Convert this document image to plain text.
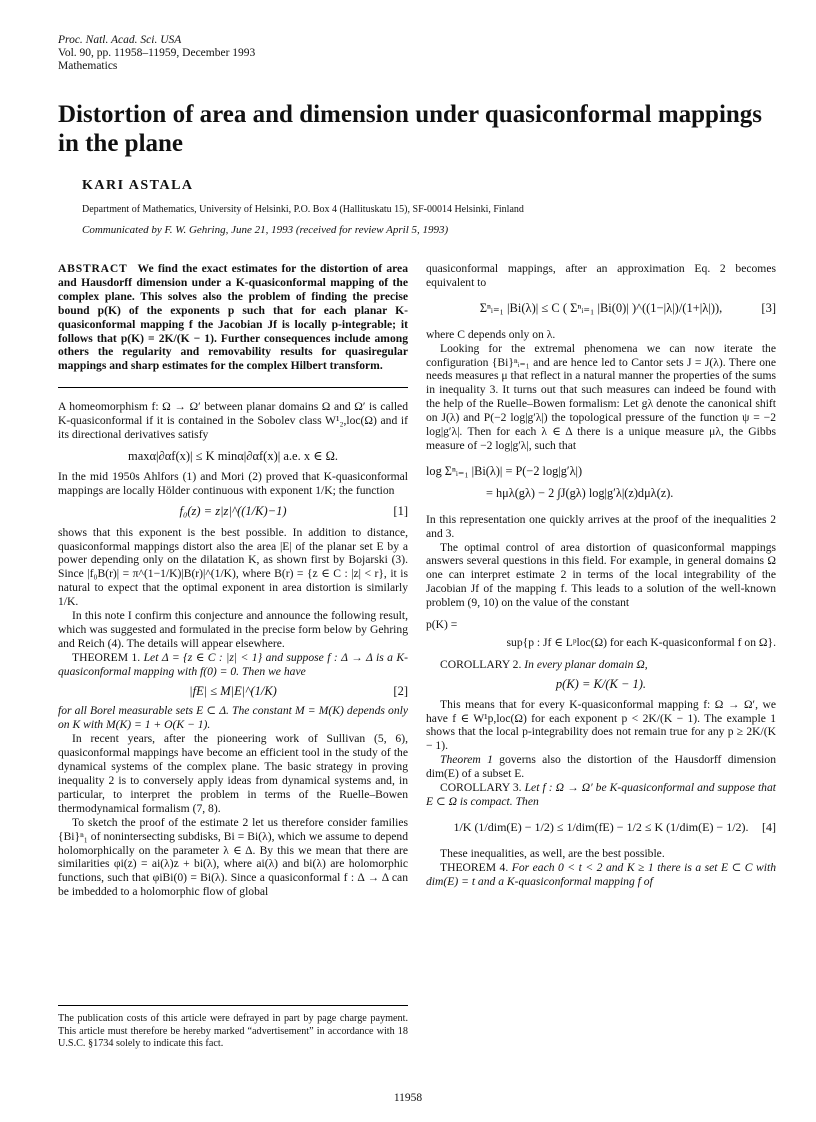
Proc. Natl. Acad. Sci. USA
Vol. 90, pp. 11958–11959, December 1993
Mathematics
Distortion of area and dimension under quasiconformal mappings in the plane
KARI ASTALA
Department of Mathematics, University of Helsinki, P.O. Box 4 (Hallituskatu 15), SF-00014 Helsinki, Finland
Communicated by F. W. Gehring, June 21, 1993 (received for review April 5, 1993)

ABSTRACT We find the exact estimates for the distortion of area and Hausdorff dimension under a K-quasiconformal mapping of the complex plane. This solves also the problem of finding the precise bound p(K) of the exponents p such that for each planar K-quasiconformal mapping f the Jacobian Jf is locally p-integrable; it follows that p(K) = 2K/(K − 1). Further consequences include among others the regularity and removability results for quasiregular mappings and sharp estimates for the complex Hilbert transform.

A homeomorphism f: Ω → Ω′ between planar domains Ω and Ω′ is called K-quasiconformal if it is contained in the Sobolev class W¹₂,loc(Ω) and if its directional derivatives satisfy

maxα|∂αf(x)| ≤ K minα|∂αf(x)| a.e. x ∈ Ω.

In the mid 1950s Ahlfors (1) and Mori (2) proved that K-quasiconformal mappings are locally Hölder continuous with exponent 1/K; the function

f₀(z) = z|z|^((1/K)−1)	[1]

shows that this exponent is the best possible. In addition to distance, quasiconformal mappings distort also the area |E| of the planar set E by a power depending only on the dilatation K, as shown first by Bojarski (3). Since |f₀B(r)| = π^(1−1/K)|B(r)|^(1/K), where B(r) = {z ∈ C : |z| < r}, it is natural to expect that the optimal exponent in area distortion is similarly 1/K.

In this note I confirm this conjecture and announce the following result, which was suggested and formulated in the precise form below by Gehring and Reich (4). The details will appear elsewhere.

THEOREM 1. Let Δ = {z ∈ C : |z| < 1} and suppose f : Δ → Δ is a K-quasiconformal mapping with f(0) = 0. Then we have

|fE| ≤ M|E|^(1/K)	[2]

for all Borel measurable sets E ⊂ Δ. The constant M = M(K) depends only on K with M(K) = 1 + O(K − 1).

In recent years, after the pioneering work of Sullivan (5, 6), quasiconformal mappings have become an efficient tool in the study of the dynamical systems of the complex plane. The basic strategy in proving inequality 2 is to conversely apply ideas from dynamical systems and, in particular, to interpret the problem in terms of the Ruelle–Bowen thermodynamical formalism (7, 8).

To sketch the proof of the estimate 2 let us therefore consider families {Bi}ⁿ₁ of nonintersecting subdisks, Bi = Bi(λ), which we assume to depend holomorphically on the parameter λ ∈ Δ. By this we mean that there are similarities φi(z) = ai(λ)z + bi(λ), where ai(λ) and bi(λ) are holomorphic functions, such that φiBi(0) = Bi(λ). Since a quasiconformal f : Δ → Δ can be imbedded to a holomorphic flow of global

The publication costs of this article were defrayed in part by page charge payment. This article must therefore be hereby marked “advertisement” in accordance with 18 U.S.C. §1734 solely to indicate this fact.

quasiconformal mappings, after an approximation Eq. 2 becomes equivalent to

Σⁿᵢ₌₁ |Bi(λ)| ≤ C ( Σⁿᵢ₌₁ |Bi(0)| )^((1−|λ|)/(1+|λ|)),	[3]

where C depends only on λ.

Looking for the extremal phenomena we can now iterate the configuration {Bi}ⁿᵢ₌₁ and are hence led to Cantor sets J = J(λ). There one needs measures μ that reflect in a natural manner the properties of the sums in inequality 3. It turns out that such measures can indeed be found with the help of the Ruelle–Bowen formalism: Let gλ denote the canonical shift on J(λ) and P(−2 log|g′λ|) the topological pressure of the function ψ = −2 log|g′λ|. Then for each λ ∈ Δ there is a unique measure μλ, the Gibbs measure of −2 log|g′λ|, such that

log Σⁿᵢ₌₁ |Bi(λ)| = P(−2 log|g′λ|)
= hμλ(gλ) − 2 ∫J(gλ) log|g′λ|(z)dμλ(z).

In this representation one quickly arrives at the proof of the inequalities 2 and 3.

The optimal control of area distortion of quasiconformal mappings answers several questions in this field. For example, in general domains Ω one can interpret estimate 2 in terms of the local integrability of the Jacobian Jf of the mapping f. This leads to a solution of the well-known problem (9, 10) on the value of the constant

p(K) =
sup{p : Jf ∈ Lᵖloc(Ω) for each K-quasiconformal f on Ω}.

COROLLARY 2. In every planar domain Ω,

p(K) = K/(K − 1).

This means that for every K-quasiconformal mapping f: Ω → Ω′, we have f ∈ W¹p,loc(Ω) for each exponent p < 2K/(K − 1). The example 1 shows that the local p-integrability does not remain true for any p ≥ 2K/(K − 1).

Theorem 1 governs also the distortion of the Hausdorff dimension dim(E) of a subset E.

COROLLARY 3. Let f : Ω → Ω′ be K-quasiconformal and suppose that E ⊂ Ω is compact. Then

1/K (1/dim(E) − 1/2) ≤ 1/dim(fE) − 1/2 ≤ K (1/dim(E) − 1/2). [4]

These inequalities, as well, are the best possible.

THEOREM 4. For each 0 < t < 2 and K ≥ 1 there is a set E ⊂ C with dim(E) = t and a K-quasiconformal mapping f of

11958
